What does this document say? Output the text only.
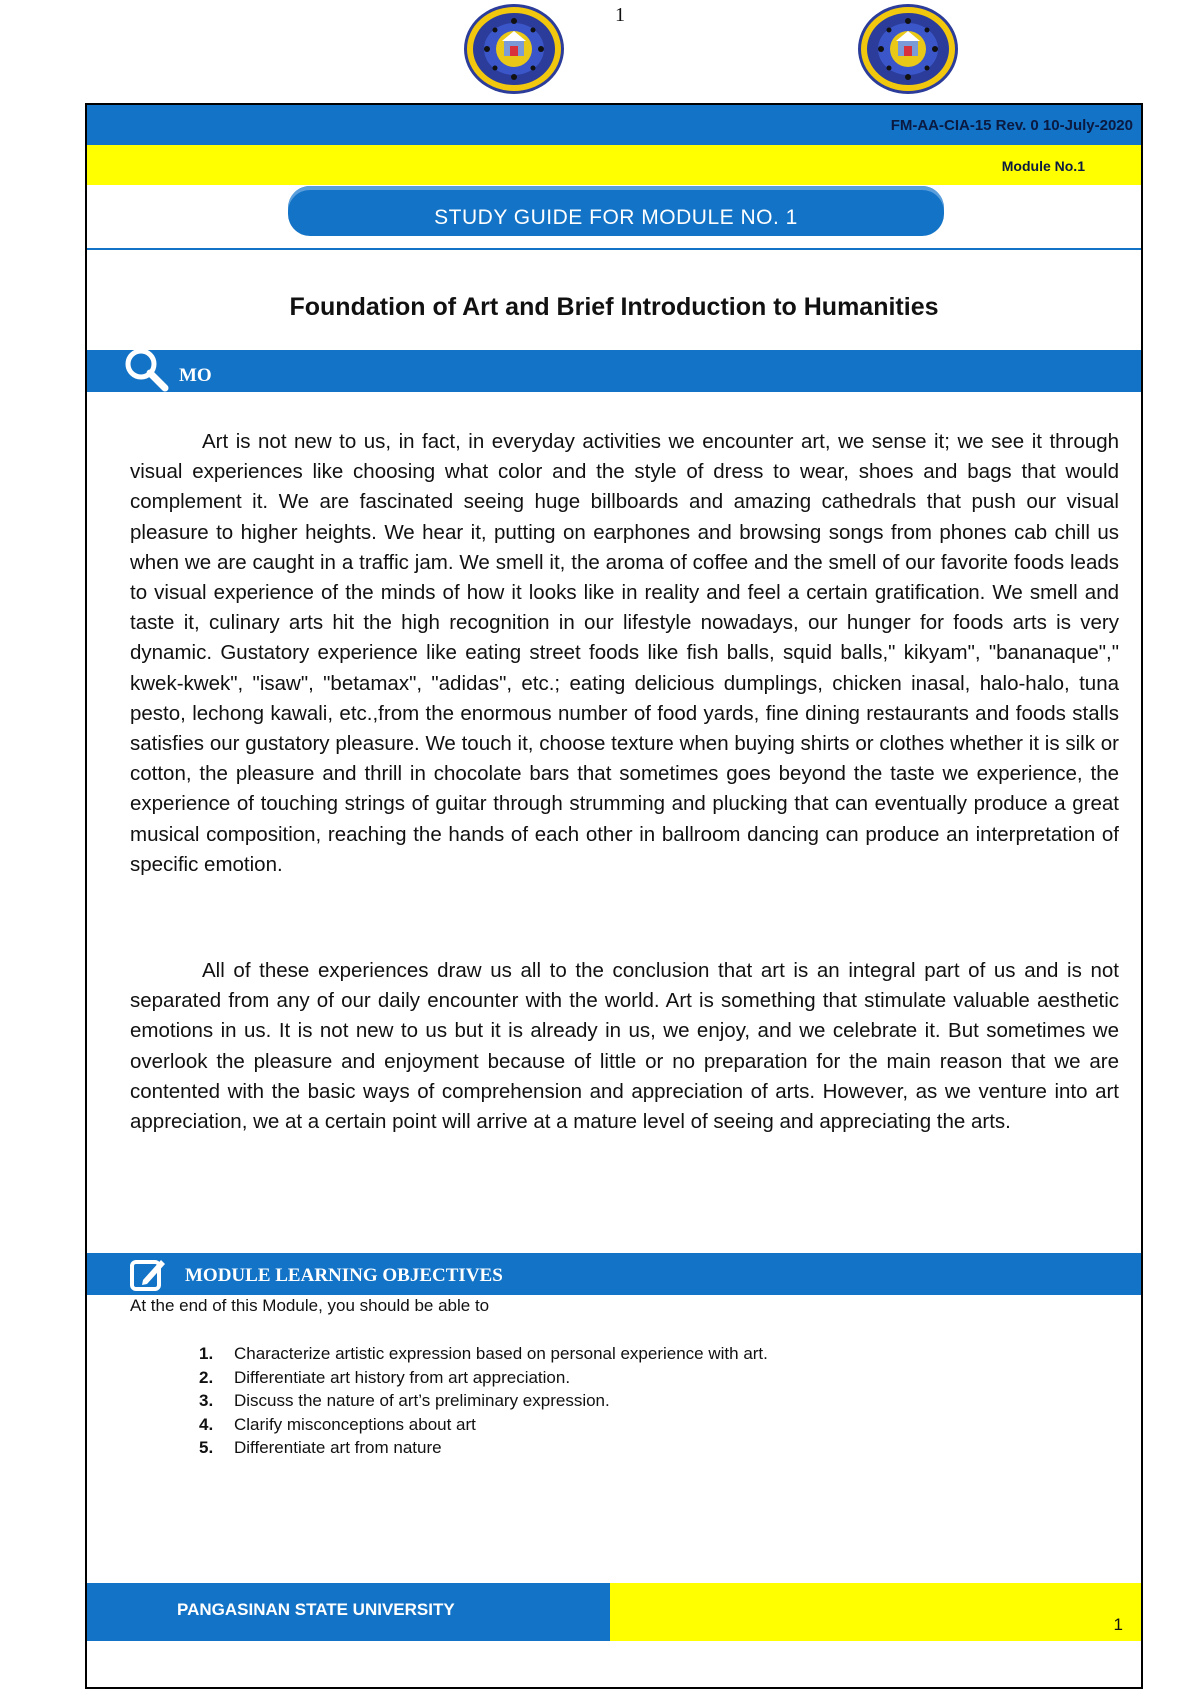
1
FM-AA-CIA-15 Rev. 0 10-July-2020
Module No.1
STUDY GUIDE FOR MODULE NO. 1
Foundation of Art and Brief Introduction to Humanities
MO

Art is not new to us, in fact, in everyday activities we encounter art, we sense it; we see it through visual experiences like choosing what color and the style of dress to wear, shoes and bags that would complement it. We are fascinated seeing huge billboards and amazing cathedrals that push our visual pleasure to higher heights. We hear it, putting on earphones and browsing songs from phones cab chill us when we are caught in a traffic jam. We smell it, the aroma of coffee and the smell of our favorite foods leads to visual experience of the minds of how it looks like in reality and feel a certain gratification. We smell and taste it, culinary arts hit the high recognition in our lifestyle nowadays, our hunger for foods arts is very dynamic. Gustatory experience like eating street foods like fish balls, squid balls," kikyam", "bananaque"," kwek-kwek", "isaw", "betamax", "adidas", etc.; eating delicious dumplings, chicken inasal, halo-halo, tuna pesto, lechong kawali, etc.,from the enormous number of food yards, fine dining restaurants and foods stalls satisfies our gustatory pleasure. We touch it, choose texture when buying shirts or clothes whether it is silk or cotton, the pleasure and thrill in chocolate bars that sometimes goes beyond the taste we experience, the experience of touching strings of guitar through strumming and plucking that can eventually produce a great musical composition, reaching the hands of each other in ballroom dancing can produce an interpretation of specific emotion.

All of these experiences draw us all to the conclusion that art is an integral part of us and is not separated from any of our daily encounter with the world. Art is something that stimulate valuable aesthetic emotions in us. It is not new to us but it is already in us, we enjoy, and we celebrate it. But sometimes we overlook the pleasure and enjoyment because of little or no preparation for the main reason that we are contented with the basic ways of comprehension and appreciation of arts. However, as we venture into art appreciation, we at a certain point will arrive at a mature level of seeing and appreciating the arts.

MODULE LEARNING OBJECTIVES
At the end of this Module, you should be able to
1. Characterize artistic expression based on personal experience with art.
2. Differentiate art history from art appreciation.
3. Discuss the nature of art’s preliminary expression.
4. Clarify misconceptions about art
5. Differentiate art from nature
PANGASINAN STATE UNIVERSITY
1
